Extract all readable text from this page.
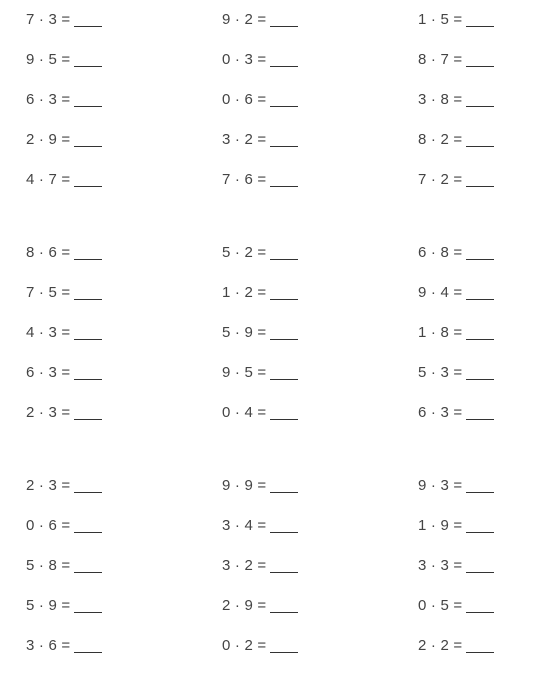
7 · 3 =
9 · 5 =
6 · 3 =
2 · 9 =
4 · 7 =
9 · 2 =
0 · 3 =
0 · 6 =
3 · 2 =
7 · 6 =
1 · 5 =
8 · 7 =
3 · 8 =
8 · 2 =
7 · 2 =
8 · 6 =
7 · 5 =
4 · 3 =
6 · 3 =
2 · 3 =
5 · 2 =
1 · 2 =
5 · 9 =
9 · 5 =
0 · 4 =
6 · 8 =
9 · 4 =
1 · 8 =
5 · 3 =
6 · 3 =
2 · 3 =
0 · 6 =
5 · 8 =
5 · 9 =
3 · 6 =
9 · 9 =
3 · 4 =
3 · 2 =
2 · 9 =
0 · 2 =
9 · 3 =
1 · 9 =
3 · 3 =
0 · 5 =
2 · 2 =
